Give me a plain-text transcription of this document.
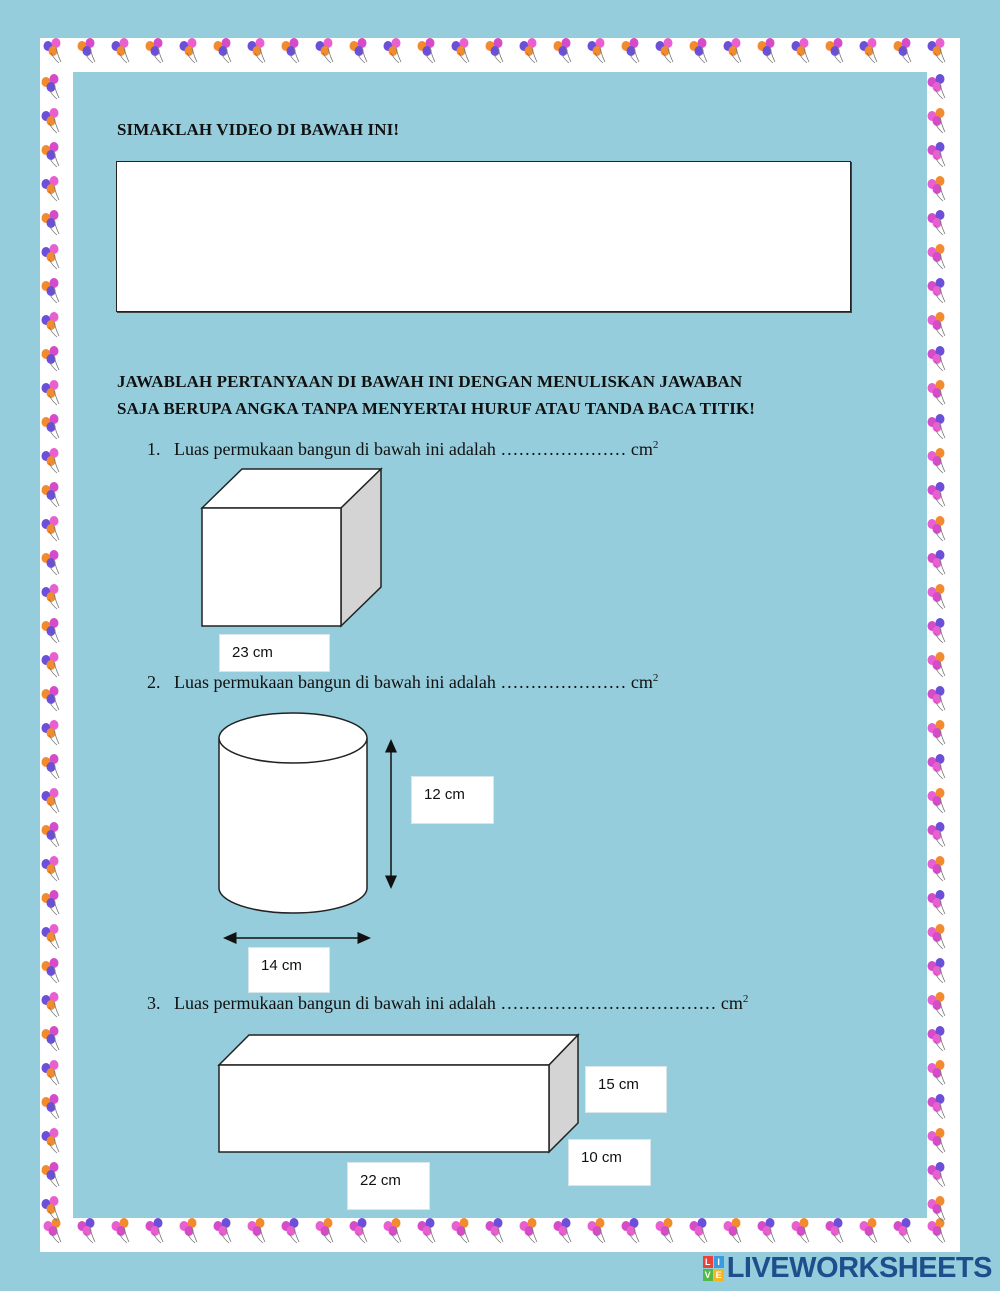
SIMAKLAH VIDEO DI BAWAH INI!
JAWABLAH PERTANYAAN DI BAWAH INI DENGAN MENULISKAN JAWABAN
SAJA BERUPA ANGKA TANPA MENYERTAI HURUF ATAU TANDA BACA TITIK!
1. Luas permukaan bangun di bawah ini adalah ………………… $cm^2$
23 cm
2. Luas permukaan bangun di bawah ini adalah ………………… $cm^2$
12 cm
14 cm
3. Luas permukaan bangun di bawah ini adalah ……………………………… $cm^2$
15 cm
10 cm
22 cm
L I
V E LIVEWORKSHEETS
